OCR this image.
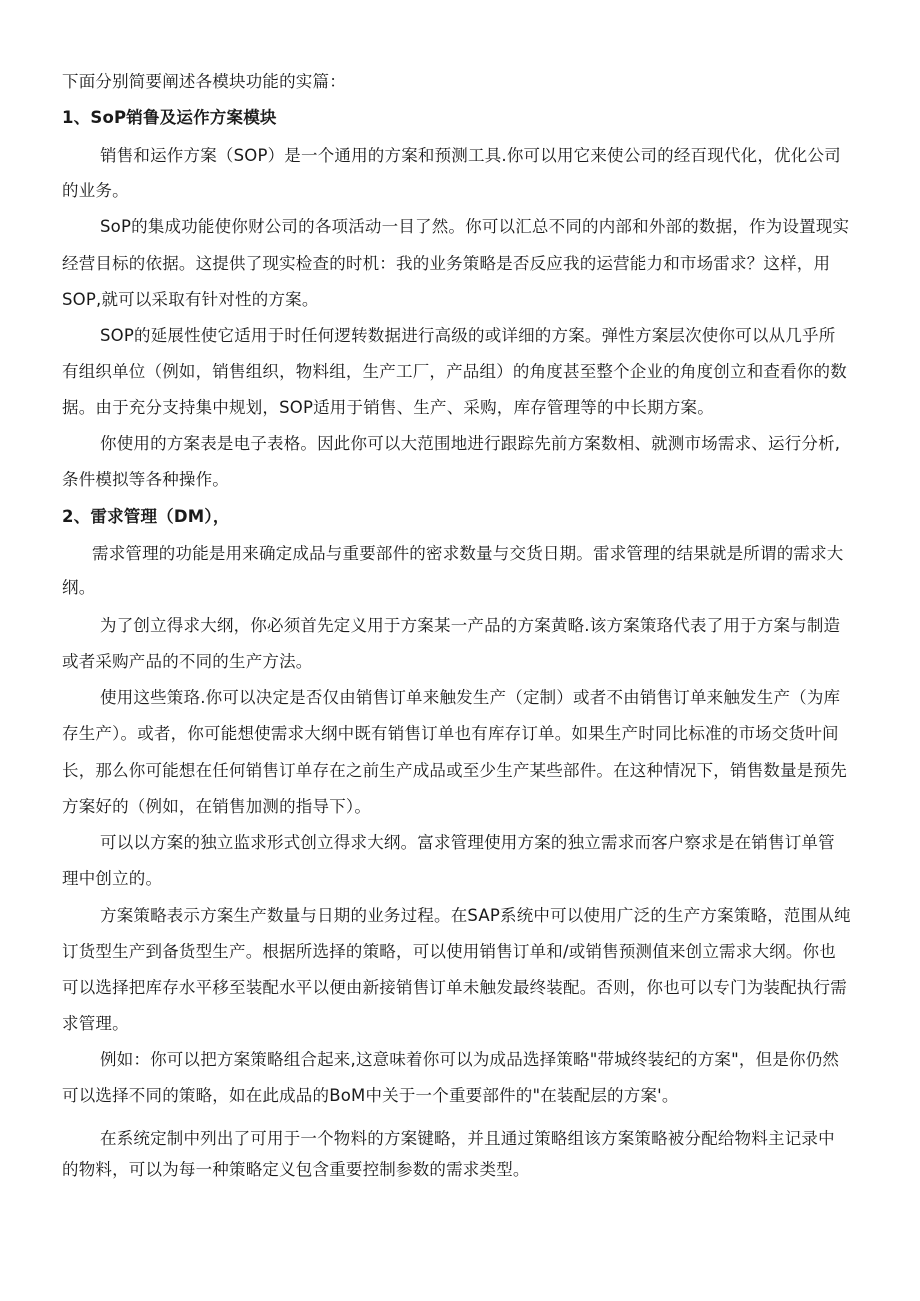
下面分别简要阐述各模块功能的实篇：
1、SoP销鲁及运作方案模块
销售和运作方案（SOP）是一个通用的方案和预测工具.你可以用它来使公司的经百现代化，优化公司
的业务。
SoP的集成功能使你财公司的各项活动一目了然。你可以汇总不同的内部和外部的数据，作为设置现实
经营目标的依据。这提供了现实检查的时机：我的业务策略是否反应我的运营能力和市场雷求？这样，用
SOP,就可以采取有针对性的方案。
SOP的延展性使它适用于时任何逻转数据进行高级的或详细的方案。弹性方案层次使你可以从几乎所
有组织单位（例如，销售组织，物料组，生产工厂，产品组）的角度甚至整个企业的角度创立和查看你的数
据。由于充分支持集中规划，SOP适用于销售、生产、采购，库存管理等的中长期方案。
你使用的方案表是电子表格。因此你可以大范围地进行跟踪先前方案数相、就测市场需求、运行分析,
条件模拟等各种操作。
2、雷求管理（DM），
需求管理的功能是用来确定成品与重要部件的密求数量与交货日期。雷求管理的结果就是所谓的需求大
纲。
为了创立得求大纲，你必须首先定义用于方案某一产品的方案黄略.该方案策珞代表了用于方案与制造
或者采购产品的不同的生产方法。
使用这些策珞.你可以决定是否仅由销售订单来触发生产（定制）或者不由销售订单来触发生产（为库
存生产）。或者，你可能想使需求大纲中既有销售订单也有库存订单。如果生产时同比标准的市场交货叶间
长，那么你可能想在任何销售订单存在之前生产成品或至少生产某些部件。在这种情况下，销售数量是预先
方案好的（例如，在销售加测的指导下）。
可以以方案的独立监求形式创立得求大纲。富求管理使用方案的独立需求而客户察求是在销售订单管
理中创立的。
方案策略表示方案生产数量与日期的业务过程。在SAP系统中可以使用广泛的生产方案策略，范围从纯
订货型生产到备货型生产。根据所选择的策略，可以使用销售订单和/或销售预测值来创立需求大纲。你也
可以选择把库存水平移至装配水平以便由新接销售订单未触发最终装配。否则，你也可以专门为装配执行需
求管理。
例如：你可以把方案策略组合起来,这意味着你可以为成品选择策略"带城终装纪的方案"，但是你仍然
可以选择不同的策略，如在此成品的BoM中关于一个重要部件的"在装配层的方案'。
在系统定制中列出了可用于一个物料的方案键略，并且通过策略组该方案策略被分配给物料主记录中
的物料，可以为每一种策略定义包含重要控制参数的需求类型。
